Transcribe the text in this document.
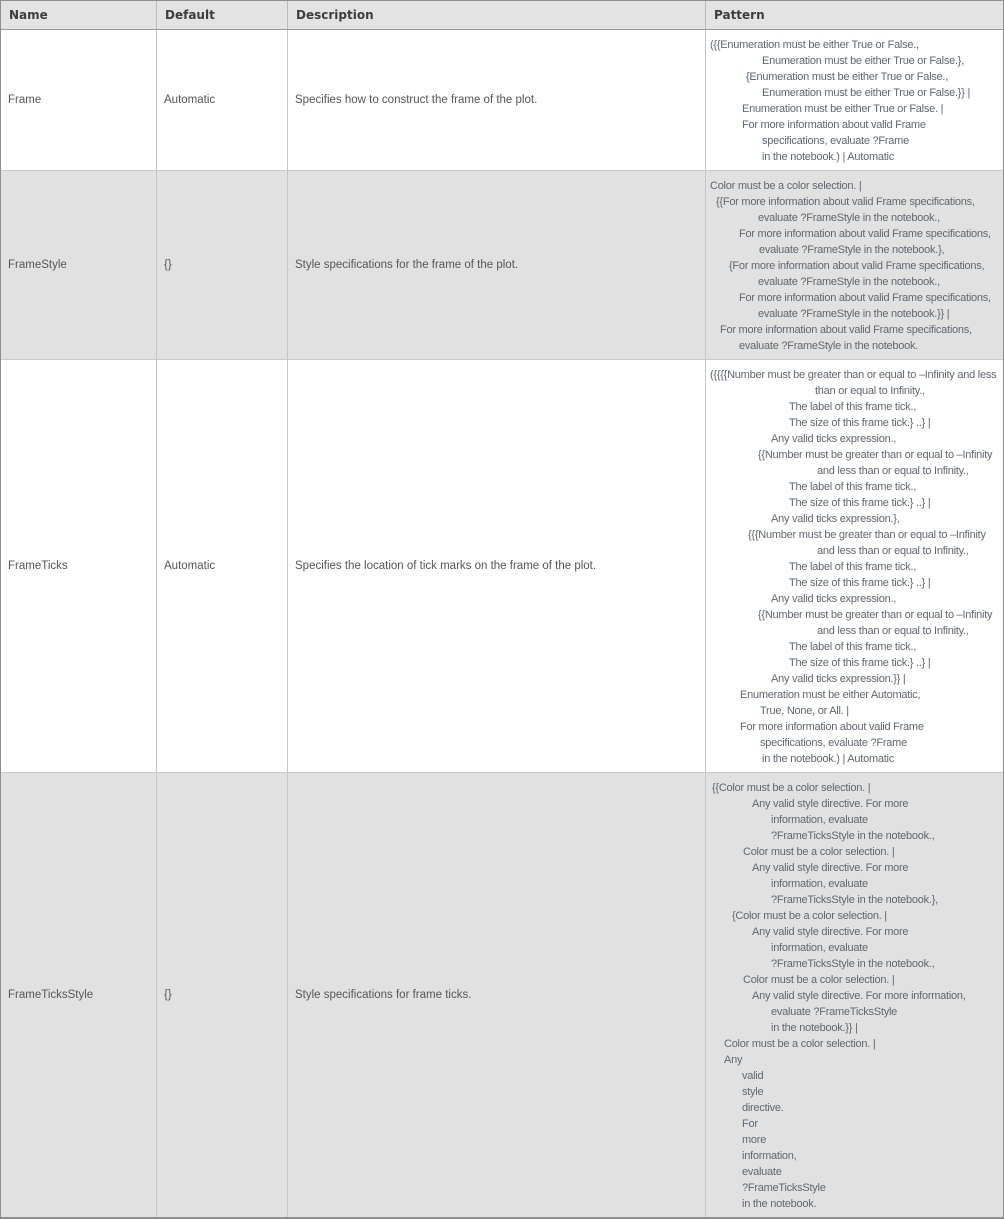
Name	Default	Description	Pattern
Frame	Automatic	Specifies how to construct the frame of the plot.
({{Enumeration must be either True or False.,
Enumeration must be either True or False.},
{Enumeration must be either True or False.,
Enumeration must be either True or False.}} |
Enumeration must be either True or False. |
For more information about valid Frame
specifications, evaluate ?Frame
in the notebook.) | Automatic
FrameStyle	{}	Style specifications for the frame of the plot.
Color must be a color selection. |
{{For more information about valid Frame specifications,
evaluate ?FrameStyle in the notebook.,
For more information about valid Frame specifications,
evaluate ?FrameStyle in the notebook.},
{For more information about valid Frame specifications,
evaluate ?FrameStyle in the notebook.,
For more information about valid Frame specifications,
evaluate ?FrameStyle in the notebook.}} |
For more information about valid Frame specifications,
evaluate ?FrameStyle in the notebook.
FrameTicks	Automatic	Specifies the location of tick marks on the frame of the plot.
({{{{Number must be greater than or equal to –Infinity and less
than or equal to Infinity.,
The label of this frame tick.,
The size of this frame tick.} ..} |
Any valid ticks expression.,
{{Number must be greater than or equal to –Infinity
and less than or equal to Infinity.,
The label of this frame tick.,
The size of this frame tick.} ..} |
Any valid ticks expression.},
{{{Number must be greater than or equal to –Infinity
and less than or equal to Infinity.,
The label of this frame tick.,
The size of this frame tick.} ..} |
Any valid ticks expression.,
{{Number must be greater than or equal to –Infinity
and less than or equal to Infinity.,
The label of this frame tick.,
The size of this frame tick.} ..} |
Any valid ticks expression.}} |
Enumeration must be either Automatic,
True, None, or All. |
For more information about valid Frame
specifications, evaluate ?Frame
in the notebook.) | Automatic
FrameTicksStyle	{}	Style specifications for frame ticks.
{{Color must be a color selection. |
Any valid style directive. For more
information, evaluate
?FrameTicksStyle in the notebook.,
Color must be a color selection. |
Any valid style directive. For more
information, evaluate
?FrameTicksStyle in the notebook.},
{Color must be a color selection. |
Any valid style directive. For more
information, evaluate
?FrameTicksStyle in the notebook.,
Color must be a color selection. |
Any valid style directive. For more information,
evaluate ?FrameTicksStyle
in the notebook.}} |
Color must be a color selection. |
Any
valid
style
directive.
For
more
information,
evaluate
?FrameTicksStyle
in the notebook.
